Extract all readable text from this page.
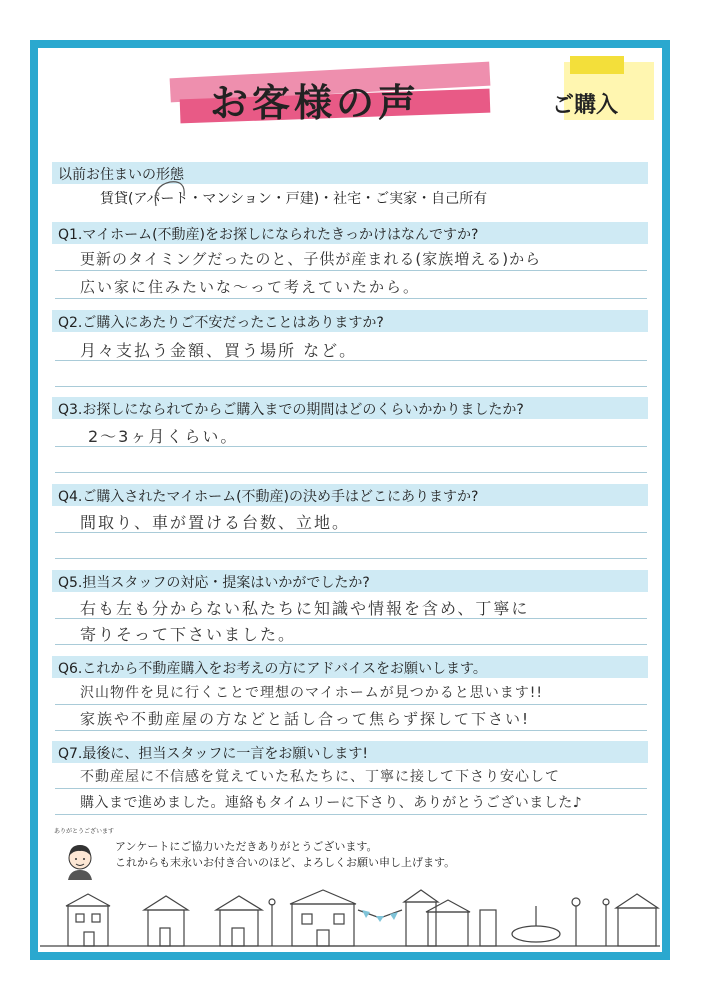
お客様の声	ご購入
以前お住まいの形態
賃貸(アパート・マンション・戸建)・社宅・ご実家・自己所有
Q1.マイホーム(不動産)をお探しになられたきっかけはなんですか?
更新のタイミングだったのと、子供が産まれる(家族増える)から
広い家に住みたいな〜って考えていたから。
Q2.ご購入にあたりご不安だったことはありますか?
月々支払う金額、買う場所 など。
Q3.お探しになられてからご購入までの期間はどのくらいかかりましたか?
2〜3ヶ月くらい。
Q4.ご購入されたマイホーム(不動産)の決め手はどこにありますか?
間取り、車が置ける台数、立地。
Q5.担当スタッフの対応・提案はいかがでしたか?
右も左も分からない私たちに知識や情報を含め、丁寧に
寄りそって下さいました。
Q6.これから不動産購入をお考えの方にアドバイスをお願いします。
沢山物件を見に行くことで理想のマイホームが見つかると思います!!
家族や不動産屋の方などと話し合って焦らず探して下さい!
Q7.最後に、担当スタッフに一言をお願いします!
不動産屋に不信感を覚えていた私たちに、丁寧に接して下さり安心して
購入まで進めました。連絡もタイムリーに下さり、ありがとうございました♪
ありがとうございます
アンケートにご協力いただきありがとうございます。
これからも末永いお付き合いのほど、よろしくお願い申し上げます。
